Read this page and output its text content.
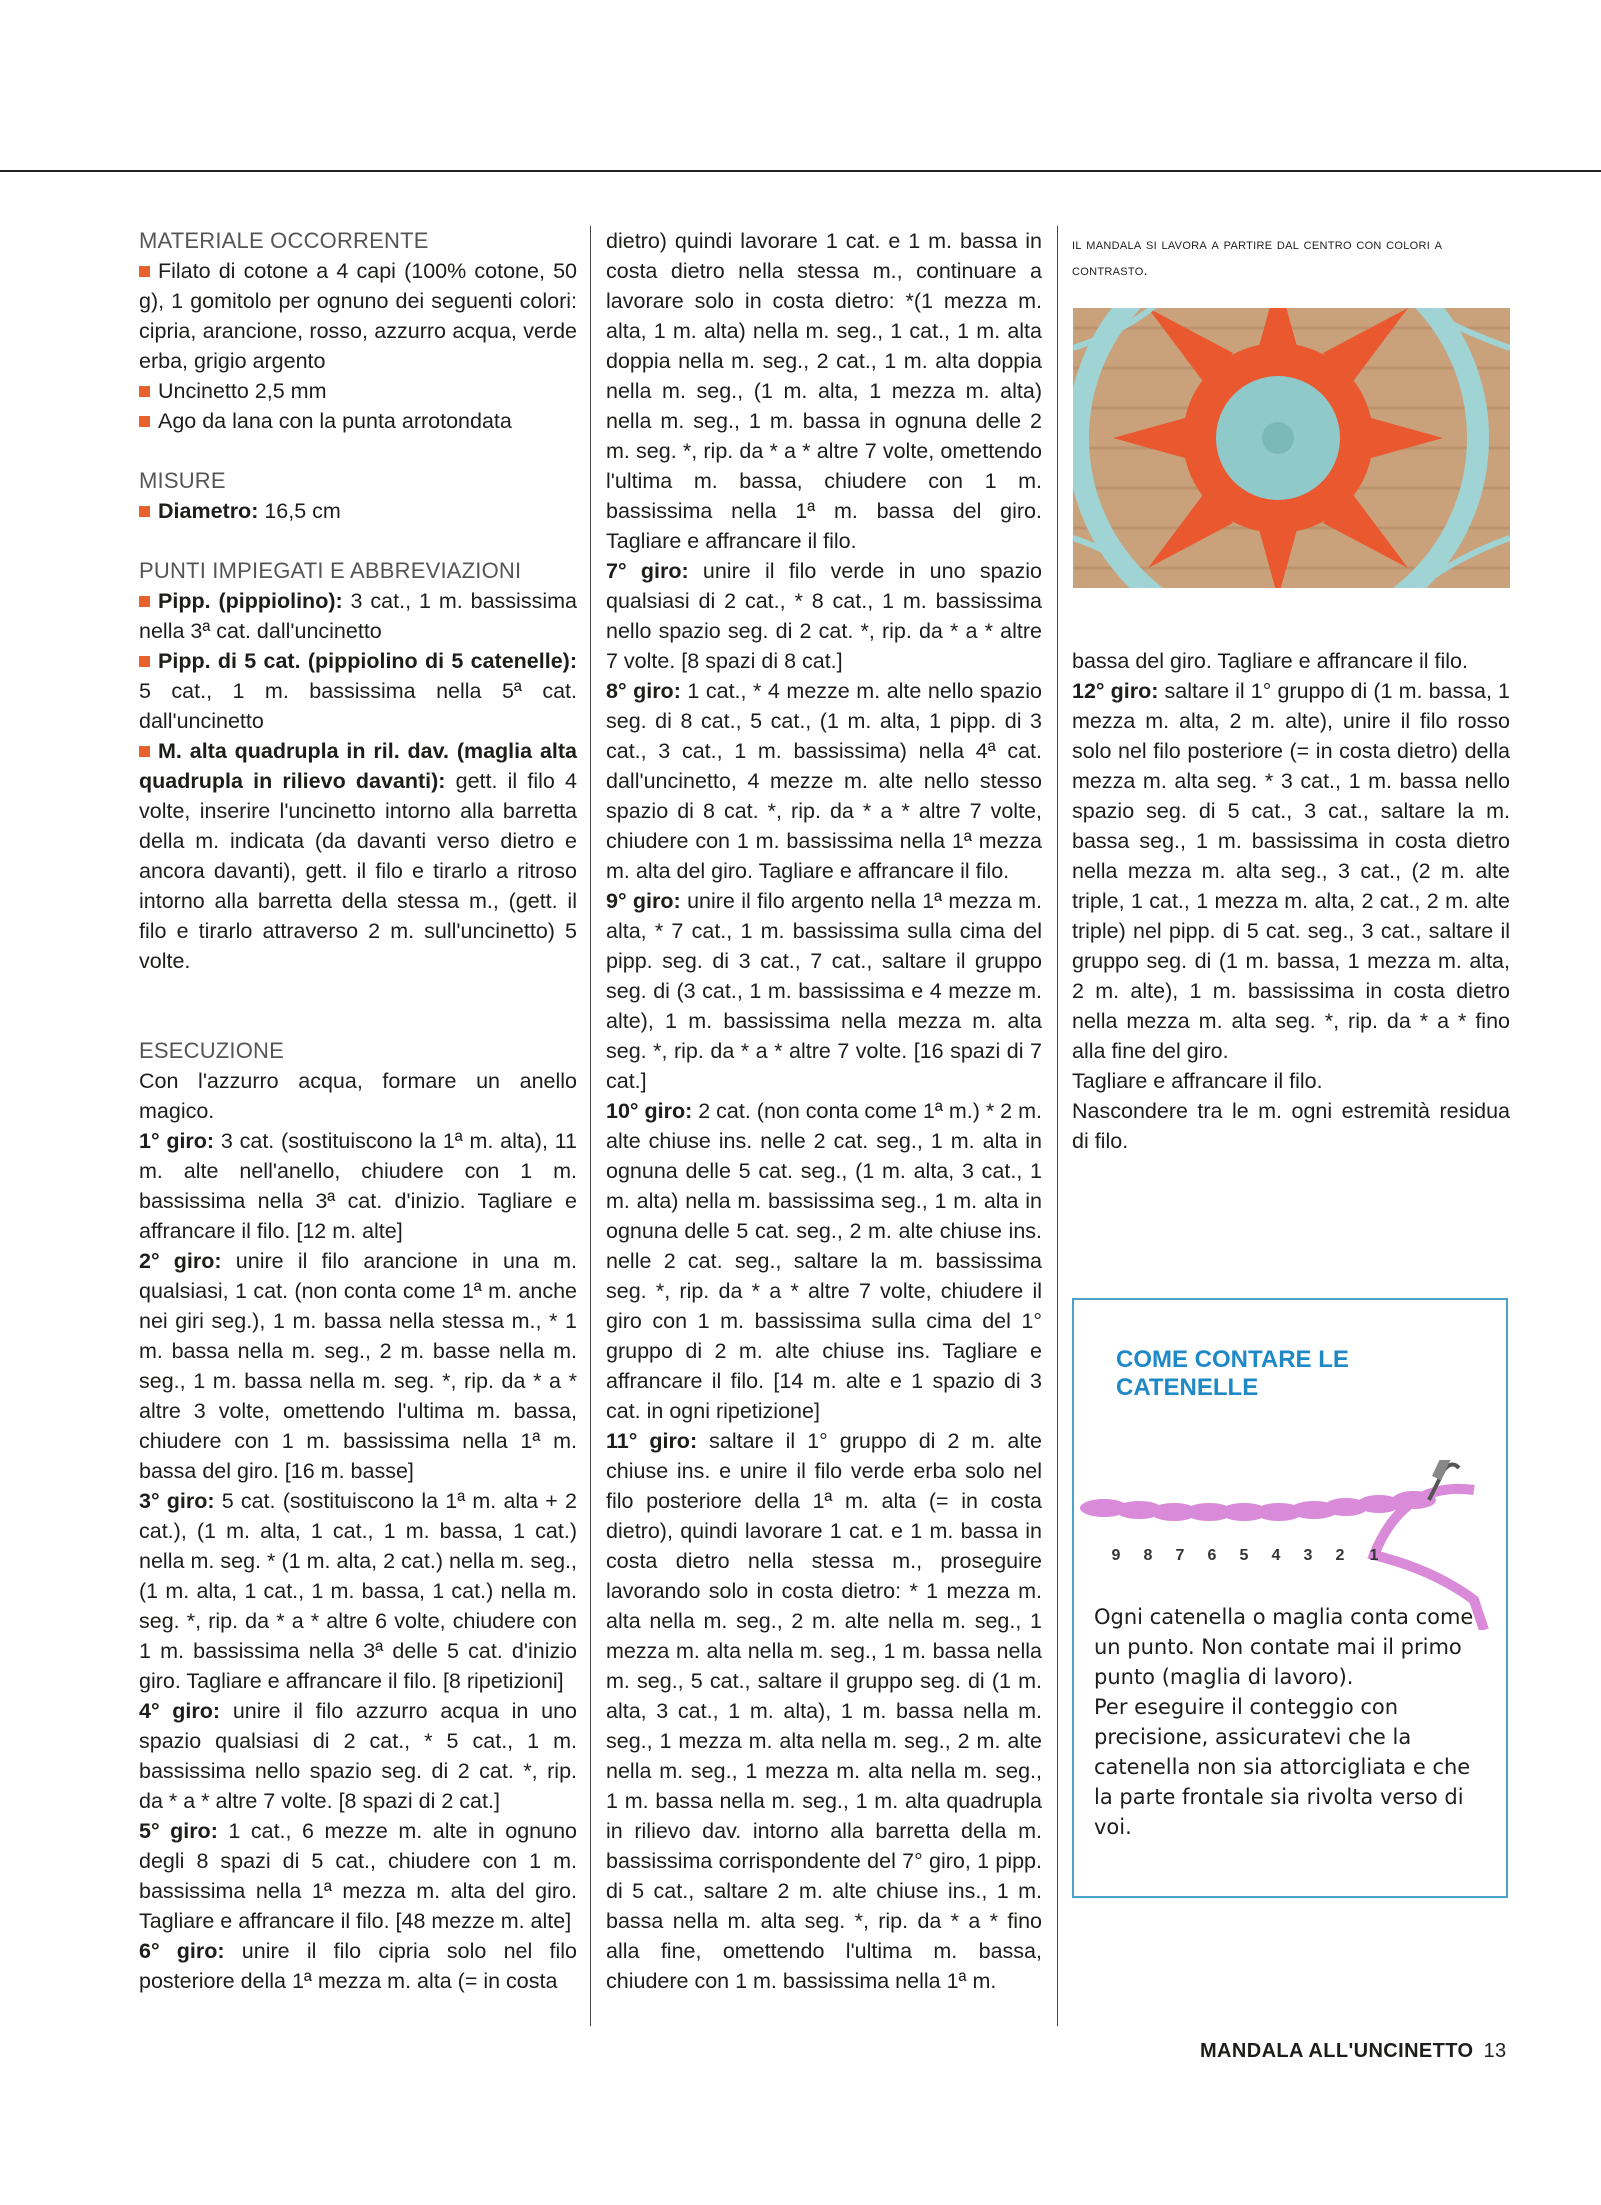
MATERIALE OCCORRENTE

Filato di cotone a 4 capi (100% cotone, 50 g), 1 gomitolo per ognuno dei seguenti colori: cipria, arancione, rosso, azzurro acqua, verde erba, grigio argento

Uncinetto 2,5 mm

Ago da lana con la punta arrotondata

MISURE

Diametro: 16,5 cm

PUNTI IMPIEGATI E ABBREVIAZIONI

Pipp. (pippiolino): 3 cat., 1 m. bassissima nella 3ª cat. dall'uncinetto

Pipp. di 5 cat. (pippiolino di 5 catenelle): 5 cat., 1 m. bassissima nella 5ª cat. dall'uncinetto

M. alta quadrupla in ril. dav. (maglia alta quadrupla in rilievo davanti): gett. il filo 4 volte, inserire l'uncinetto intorno alla barretta della m. indicata (da davanti verso dietro e ancora davanti), gett. il filo e tirarlo a ritroso intorno alla barretta della stessa m., (gett. il filo e tirarlo attraverso 2 m. sull'uncinetto) 5 volte.

ESECUZIONE

Con l'azzurro acqua, formare un anello magico.

1° giro: 3 cat. (sostituiscono la 1ª m. alta), 11 m. alte nell'anello, chiudere con 1 m. bassissima nella 3ª cat. d'inizio. Tagliare e affrancare il filo. [12 m. alte]

2° giro: unire il filo arancione in una m. qualsiasi, 1 cat. (non conta come 1ª m. anche nei giri seg.), 1 m. bassa nella stessa m., * 1 m. bassa nella m. seg., 2 m. basse nella m. seg., 1 m. bassa nella m. seg. *, rip. da * a * altre 3 volte, omettendo l'ultima m. bassa, chiudere con 1 m. bassissima nella 1ª m. bassa del giro. [16 m. basse]

3° giro: 5 cat. (sostituiscono la 1ª m. alta + 2 cat.), (1 m. alta, 1 cat., 1 m. bassa, 1 cat.) nella m. seg. * (1 m. alta, 2 cat.) nella m. seg., (1 m. alta, 1 cat., 1 m. bassa, 1 cat.) nella m. seg. *, rip. da * a * altre 6 volte, chiudere con 1 m. bassissima nella 3ª delle 5 cat. d'inizio giro. Tagliare e affrancare il filo. [8 ripetizioni]

4° giro: unire il filo azzurro acqua in uno spazio qualsiasi di 2 cat., * 5 cat., 1 m. bassissima nello spazio seg. di 2 cat. *, rip. da * a * altre 7 volte. [8 spazi di 2 cat.]

5° giro: 1 cat., 6 mezze m. alte in ognuno degli 8 spazi di 5 cat., chiudere con 1 m. bassissima nella 1ª mezza m. alta del giro. Tagliare e affrancare il filo. [48 mezze m. alte]

6° giro: unire il filo cipria solo nel filo posteriore della 1ª mezza m. alta (= in costa

dietro) quindi lavorare 1 cat. e 1 m. bassa in costa dietro nella stessa m., continuare a lavorare solo in costa dietro: *(1 mezza m. alta, 1 m. alta) nella m. seg., 1 cat., 1 m. alta doppia nella m. seg., 2 cat., 1 m. alta doppia nella m. seg., (1 m. alta, 1 mezza m. alta) nella m. seg., 1 m. bassa in ognuna delle 2 m. seg. *, rip. da * a * altre 7 volte, omettendo l'ultima m. bassa, chiudere con 1 m. bassissima nella 1ª m. bassa del giro. Tagliare e affrancare il filo.

7° giro: unire il filo verde in uno spazio qualsiasi di 2 cat., * 8 cat., 1 m. bassissima nello spazio seg. di 2 cat. *, rip. da * a * altre 7 volte. [8 spazi di 8 cat.]

8° giro: 1 cat., * 4 mezze m. alte nello spazio seg. di 8 cat., 5 cat., (1 m. alta, 1 pipp. di 3 cat., 3 cat., 1 m. bassissima) nella 4ª cat. dall'uncinetto, 4 mezze m. alte nello stesso spazio di 8 cat. *, rip. da * a * altre 7 volte, chiudere con 1 m. bassissima nella 1ª mezza m. alta del giro. Tagliare e affrancare il filo.

9° giro: unire il filo argento nella 1ª mezza m. alta, * 7 cat., 1 m. bassissima sulla cima del pipp. seg. di 3 cat., 7 cat., saltare il gruppo seg. di (3 cat., 1 m. bassissima e 4 mezze m. alte), 1 m. bassissima nella mezza m. alta seg. *, rip. da * a * altre 7 volte. [16 spazi di 7 cat.]

10° giro: 2 cat. (non conta come 1ª m.) * 2 m. alte chiuse ins. nelle 2 cat. seg., 1 m. alta in ognuna delle 5 cat. seg., (1 m. alta, 3 cat., 1 m. alta) nella m. bassissima seg., 1 m. alta in ognuna delle 5 cat. seg., 2 m. alte chiuse ins. nelle 2 cat. seg., saltare la m. bassissima seg. *, rip. da * a * altre 7 volte, chiudere il giro con 1 m. bassissima sulla cima del 1° gruppo di 2 m. alte chiuse ins. Tagliare e affrancare il filo. [14 m. alte e 1 spazio di 3 cat. in ogni ripetizione]

11° giro: saltare il 1° gruppo di 2 m. alte chiuse ins. e unire il filo verde erba solo nel filo posteriore della 1ª m. alta (= in costa dietro), quindi lavorare 1 cat. e 1 m. bassa in costa dietro nella stessa m., proseguire lavorando solo in costa dietro: * 1 mezza m. alta nella m. seg., 2 m. alte nella m. seg., 1 mezza m. alta nella m. seg., 1 m. bassa nella m. seg., 5 cat., saltare il gruppo seg. di (1 m. alta, 3 cat., 1 m. alta), 1 m. bassa nella m. seg., 1 mezza m. alta nella m. seg., 2 m. alte nella m. seg., 1 mezza m. alta nella m. seg., 1 m. bassa nella m. seg., 1 m. alta quadrupla in rilievo dav. intorno alla barretta della m. bassissima corrispondente del 7° giro, 1 pipp. di 5 cat., saltare 2 m. alte chiuse ins., 1 m. bassa nella m. alta seg. *, rip. da * a * fino alla fine, omettendo l'ultima m. bassa, chiudere con 1 m. bassissima nella 1ª m.

il mandala si lavora a partire dal centro con colori a contrasto.

bassa del giro. Tagliare e affrancare il filo.

12° giro: saltare il 1° gruppo di (1 m. bassa, 1 mezza m. alta, 2 m. alte), unire il filo rosso solo nel filo posteriore (= in costa dietro) della mezza m. alta seg. * 3 cat., 1 m. bassa nello spazio seg. di 5 cat., 3 cat., saltare la m. bassa seg., 1 m. bassissima in costa dietro nella mezza m. alta seg., 3 cat., (2 m. alte triple, 1 cat., 1 mezza m. alta, 2 cat., 2 m. alte triple) nel pipp. di 5 cat. seg., 3 cat., saltare il gruppo seg. di (1 m. bassa, 1 mezza m. alta, 2 m. alte), 1 m. bassissima in costa dietro nella mezza m. alta seg. *, rip. da * a * fino alla fine del giro.

Tagliare e affrancare il filo.

Nascondere tra le m. ogni estremità residua di filo.

COME CONTARE LE CATENELLE
9 8 7 6 5 4 3 2 1

Ogni catenella o maglia conta come un punto. Non contate mai il primo punto (maglia di lavoro).

Per eseguire il conteggio con precisione, assicuratevi che la catenella non sia attorcigliata e che la parte frontale sia rivolta verso di voi.

MANDALA ALL'UNCINETTO 13
